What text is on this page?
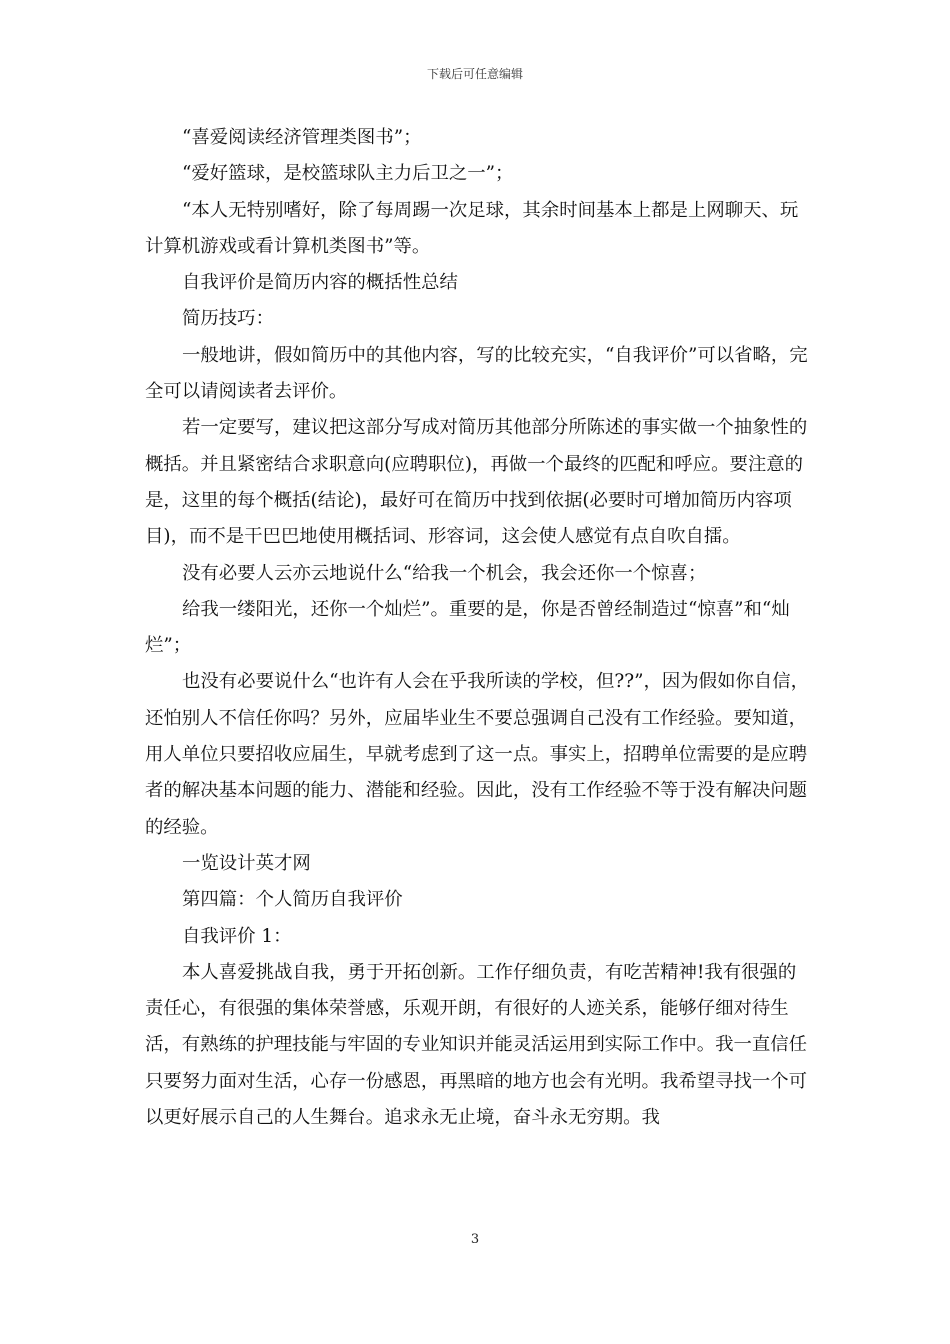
下载后可任意编辑

“喜爱阅读经济管理类图书”；

“爱好篮球，是校篮球队主力后卫之一”；

“本人无特别嗜好，除了每周踢一次足球，其余时间基本上都是上网聊天、玩计算机游戏或看计算机类图书”等。

自我评价是简历内容的概括性总结

简历技巧：

一般地讲，假如简历中的其他内容，写的比较充实，“自我评价”可以省略，完全可以请阅读者去评价。

若一定要写，建议把这部分写成对简历其他部分所陈述的事实做一个抽象性的概括。并且紧密结合求职意向(应聘职位)，再做一个最终的匹配和呼应。要注意的是，这里的每个概括(结论)，最好可在简历中找到依据(必要时可增加简历内容项目)，而不是干巴巴地使用概括词、形容词，这会使人感觉有点自吹自擂。

没有必要人云亦云地说什么“给我一个机会，我会还你一个惊喜；

给我一缕阳光，还你一个灿烂”。重要的是，你是否曾经制造过“惊喜”和“灿烂”；

也没有必要说什么“也许有人会在乎我所读的学校，但??”，因为假如你自信，还怕别人不信任你吗？另外，应届毕业生不要总强调自己没有工作经验。要知道，用人单位只要招收应届生，早就考虑到了这一点。事实上，招聘单位需要的是应聘者的解决基本问题的能力、潜能和经验。因此，没有工作经验不等于没有解决问题的经验。

一览设计英才网

第四篇：个人简历自我评价

自我评价 1：

本人喜爱挑战自我，勇于开拓创新。工作仔细负责，有吃苦精神!我有很强的责任心，有很强的集体荣誉感，乐观开朗，有很好的人迹关系，能够仔细对待生活，有熟练的护理技能与牢固的专业知识并能灵活运用到实际工作中。我一直信任只要努力面对生活，心存一份感恩，再黑暗的地方也会有光明。我希望寻找一个可以更好展示自己的人生舞台。追求永无止境，奋斗永无穷期。我

3
